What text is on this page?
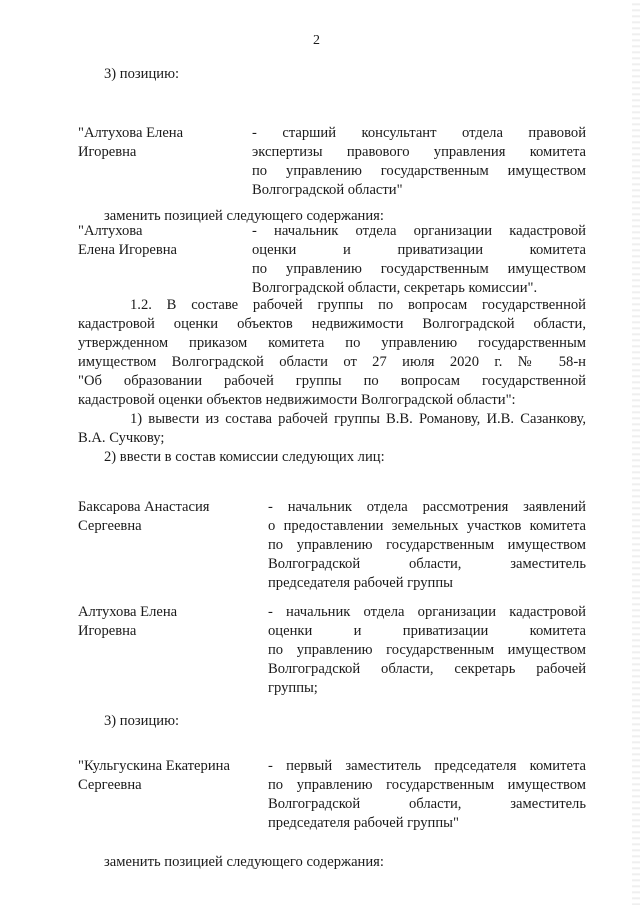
2
3) позицию:
"Алтухова Елена
Игоревна
- старший консультант отдела правовой
экспертизы правового управления комитета
по управлению государственным имуществом
Волгоградской области"
заменить позицией следующего содержания:
"Алтухова
Елена Игоревна
- начальник отдела организации кадастровой
оценки и приватизации комитета
по управлению государственным имуществом
Волгоградской области, секретарь комиссии".
1.2. В составе рабочей группы по вопросам государственной
кадастровой оценки объектов недвижимости Волгоградской области,
утвержденном приказом комитета по управлению государственным
имуществом Волгоградской области от 27 июля 2020 г. № 58-н
"Об образовании рабочей группы по вопросам государственной
кадастровой оценки объектов недвижимости Волгоградской области":
1) вывести из состава рабочей группы В.В. Романову, И.В. Сазанкову,
В.А. Сучкову;
2) ввести в состав комиссии следующих лиц:
Баксарова Анастасия
Сергеевна
- начальник отдела рассмотрения заявлений
о предоставлении земельных участков комитета
по управлению государственным имуществом
Волгоградской области, заместитель
председателя рабочей группы
Алтухова Елена
Игоревна
- начальник отдела организации кадастровой
оценки и приватизации комитета
по управлению государственным имуществом
Волгоградской области, секретарь рабочей
группы;
3) позицию:
"Кульгускина Екатерина
Сергеевна
- первый заместитель председателя комитета
по управлению государственным имуществом
Волгоградской области, заместитель
председателя рабочей группы"
заменить позицией следующего содержания:
